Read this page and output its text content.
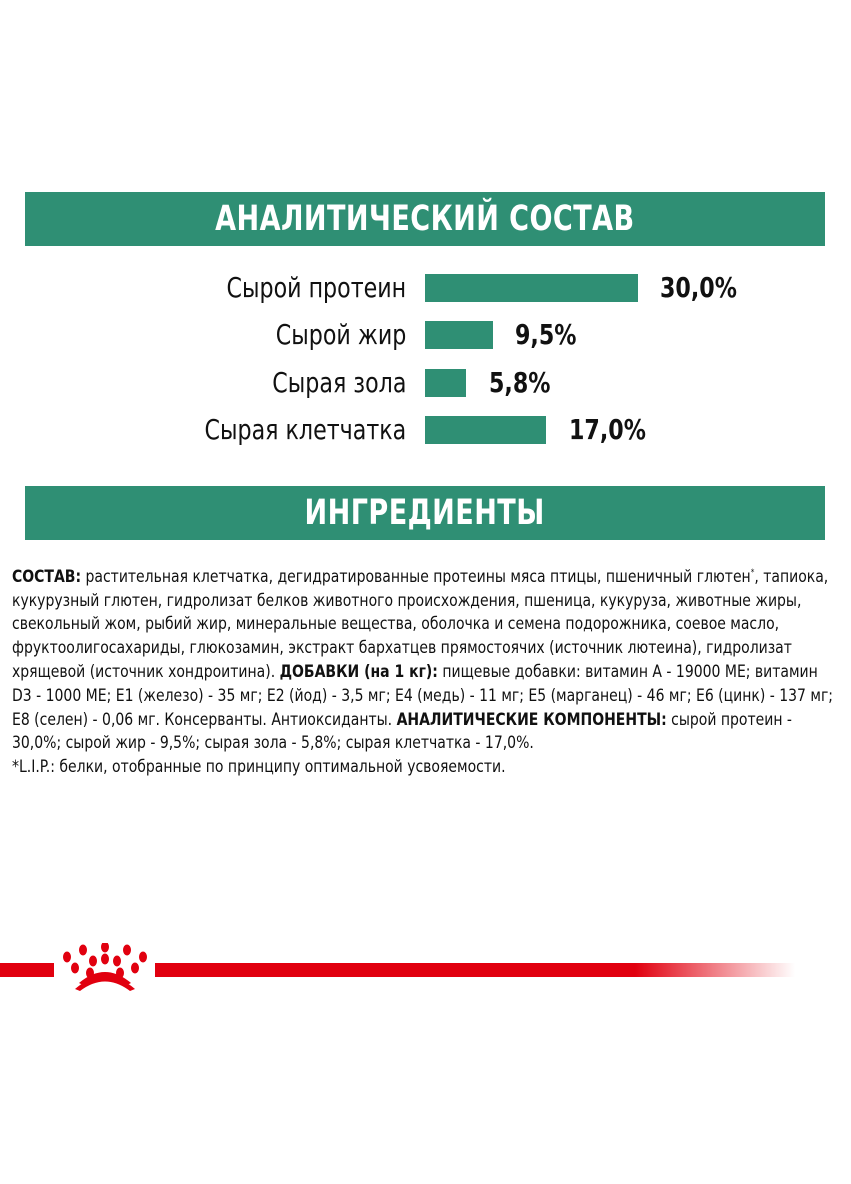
АНАЛИТИЧЕСКИЙ СОСТАВ
Сырой протеин	30,0%
Сырой жир	9,5%
Сырая зола	5,8%
Сырая клетчатка	17,0%
ИНГРЕДИЕНТЫ
СОСТАВ: растительная клетчатка, дегидратированные протеины мяса птицы, пшеничный глютен*, тапиока, кукурузный глютен, гидролизат белков животного происхождения, пшеница, кукуруза, животные жиры, свекольный жом, рыбий жир, минеральные вещества, оболочка и семена подорожника, соевое масло, фруктоолигосахариды, глюкозамин, экстракт бархатцев прямостоячих (источник лютеина), гидролизат хрящевой (источник хондроитина). ДОБАВКИ (на 1 кг): пищевые добавки: витамин А - 19000 МЕ; витамин D3 - 1000 МЕ; Е1 (железо) - 35 мг; Е2 (йод) - 3,5 мг; Е4 (медь) - 11 мг; Е5 (марганец) - 46 мг; Е6 (цинк) - 137 мг; Е8 (селен) - 0,06 мг. Консерванты. Антиоксиданты. АНАЛИТИЧЕСКИЕ КОМПОНЕНТЫ: сырой протеин - 30,0%; сырой жир - 9,5%; сырая зола - 5,8%; сырая клетчатка - 17,0%.
*L.I.P.: белки, отобранные по принципу оптимальной усвояемости.
